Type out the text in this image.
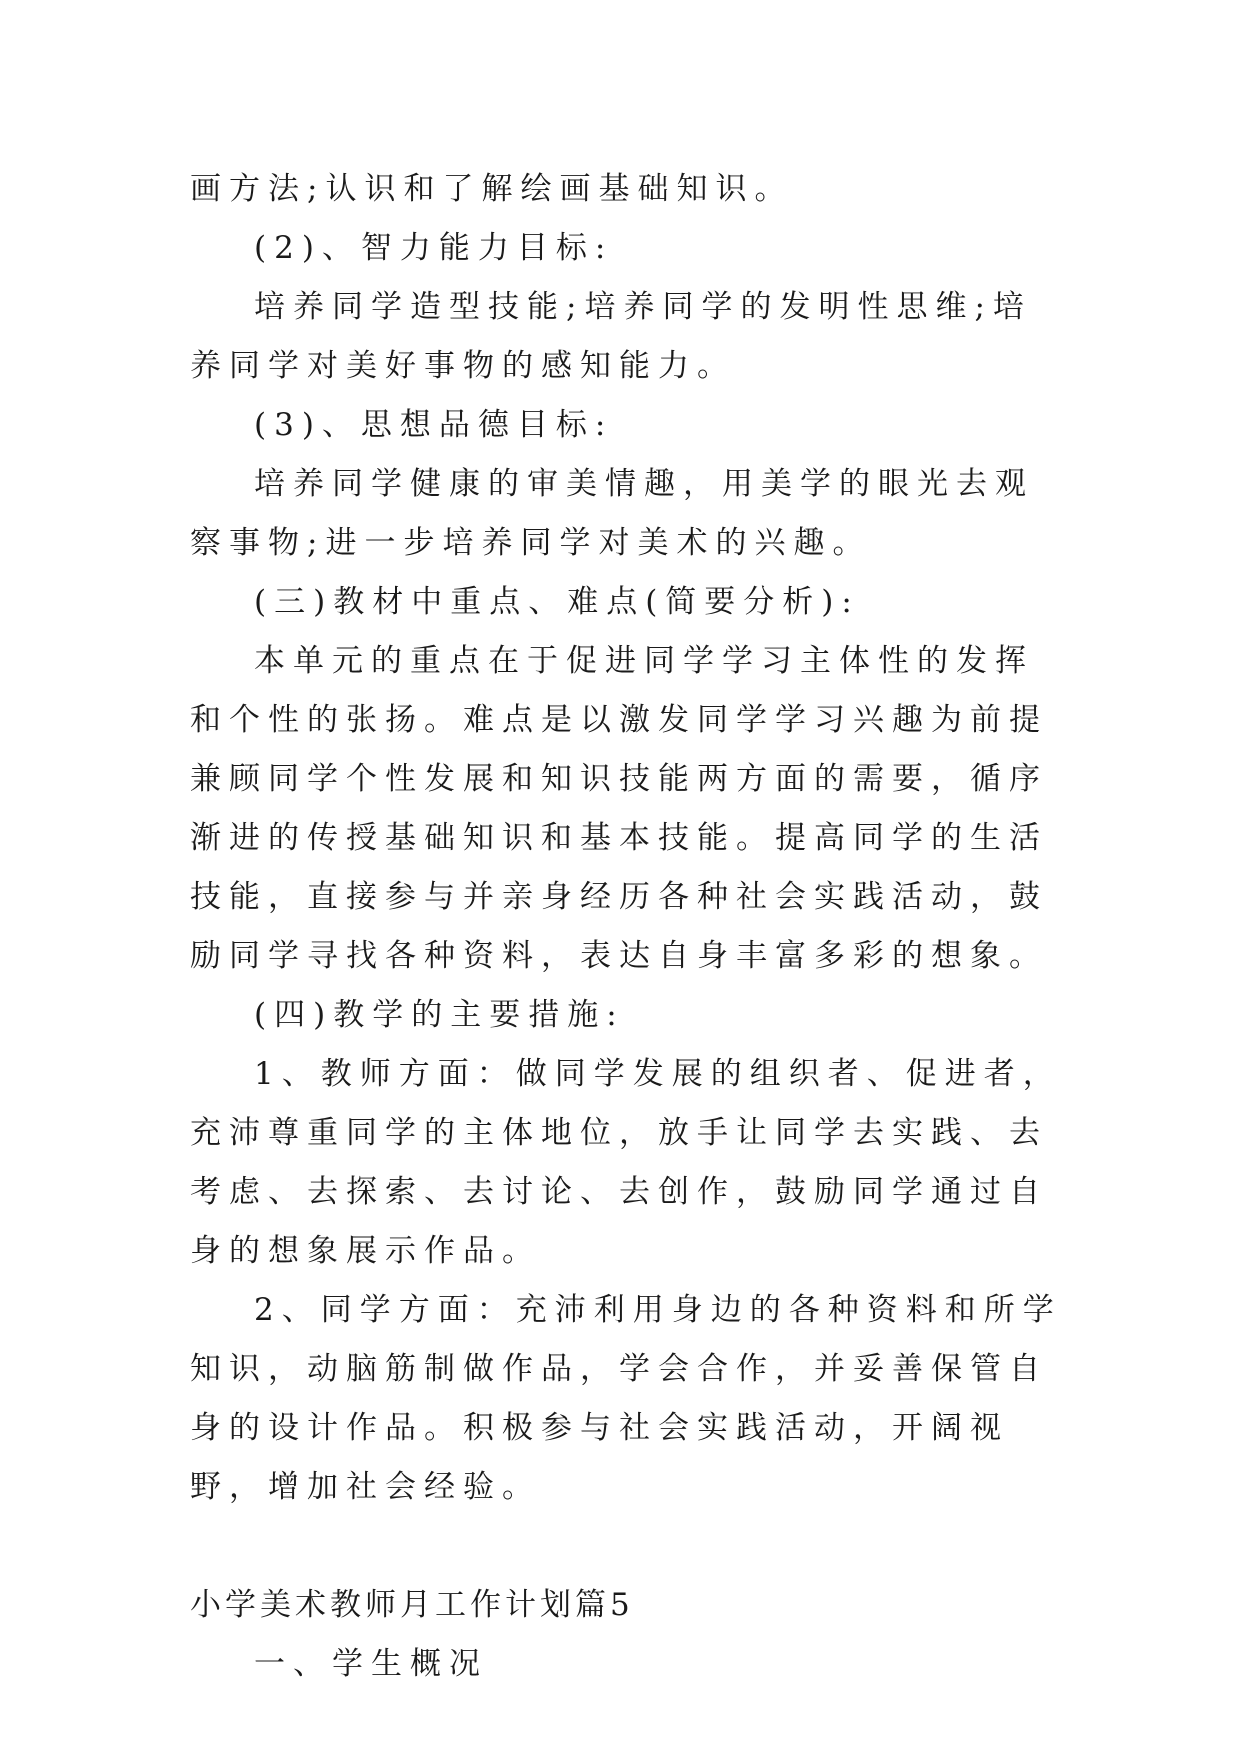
画方法;认识和了解绘画基础知识。

(2)、智力能力目标:

培养同学造型技能;培养同学的发明性思维;培养同学对美好事物的感知能力。

(3)、思想品德目标:

培养同学健康的审美情趣，用美学的眼光去观察事物;进一步培养同学对美术的兴趣。

(三)教材中重点、难点(简要分析):

本单元的重点在于促进同学学习主体性的发挥和个性的张扬。难点是以激发同学学习兴趣为前提兼顾同学个性发展和知识技能两方面的需要，循序渐进的传授基础知识和基本技能。提高同学的生活技能，直接参与并亲身经历各种社会实践活动，鼓励同学寻找各种资料，表达自身丰富多彩的想象。

(四)教学的主要措施:

1、教师方面：做同学发展的组织者、促进者，充沛尊重同学的主体地位，放手让同学去实践、去考虑、去探索、去讨论、去创作，鼓励同学通过自身的想象展示作品。

2、同学方面：充沛利用身边的各种资料和所学知识，动脑筋制做作品，学会合作，并妥善保管自身的设计作品。积极参与社会实践活动，开阔视野，增加社会经验。

小学美术教师月工作计划篇5

一、学生概况
